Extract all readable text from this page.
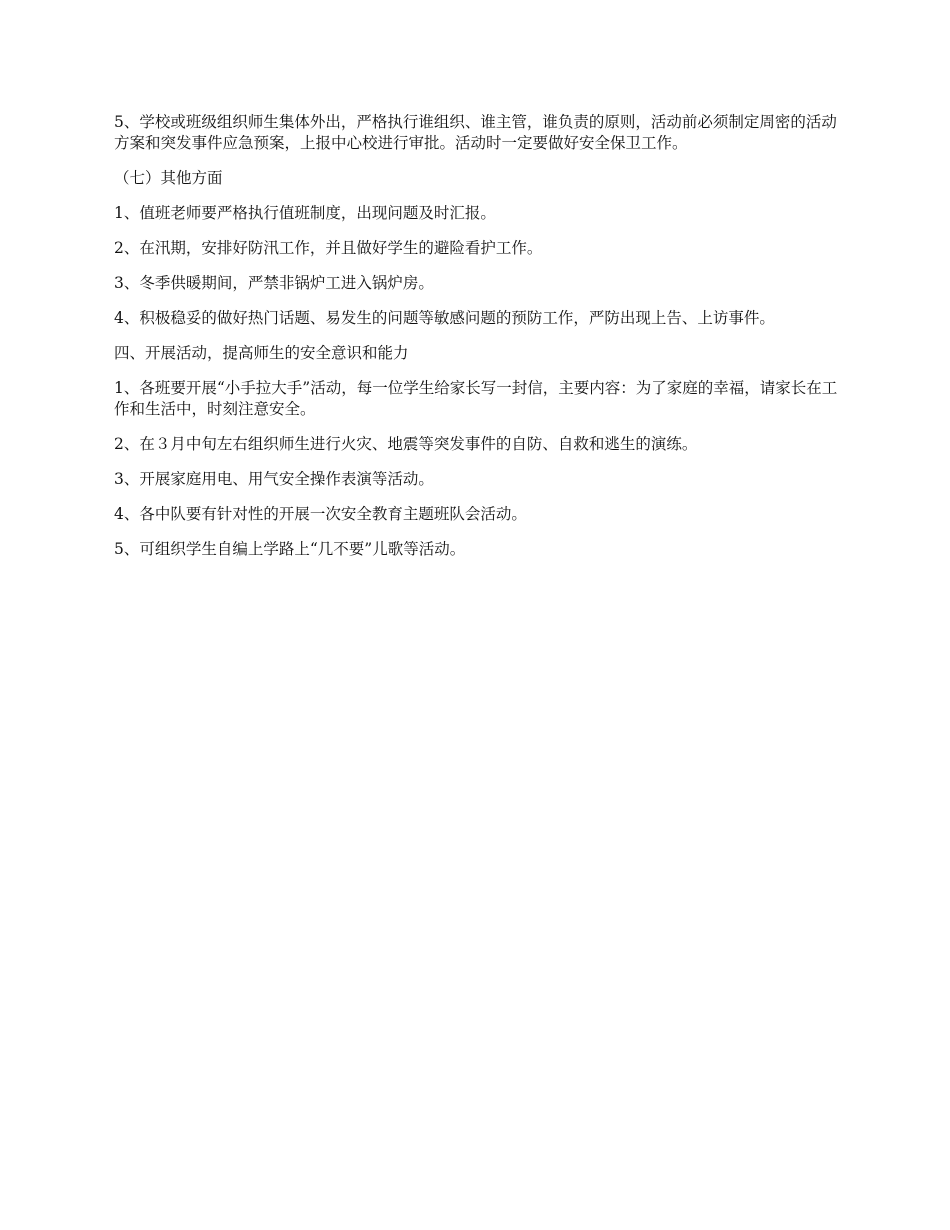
5、学校或班级组织师生集体外出，严格执行谁组织、谁主管，谁负责的原则，活动前必须制定周密的活动方案和突发事件应急预案，上报中心校进行审批。活动时一定要做好安全保卫工作。

（七）其他方面

1、值班老师要严格执行值班制度，出现问题及时汇报。

2、在汛期，安排好防汛工作，并且做好学生的避险看护工作。

3、冬季供暖期间，严禁非锅炉工进入锅炉房。

4、积极稳妥的做好热门话题、易发生的问题等敏感问题的预防工作，严防出现上告、上访事件。

四、开展活动，提高师生的安全意识和能力

1、各班要开展“小手拉大手”活动，每一位学生给家长写一封信，主要内容：为了家庭的幸福，请家长在工作和生活中，时刻注意安全。

2、在３月中旬左右组织师生进行火灾、地震等突发事件的自防、自救和逃生的演练。

3、开展家庭用电、用气安全操作表演等活动。

4、各中队要有针对性的开展一次安全教育主题班队会活动。

5、可组织学生自编上学路上“几不要”儿歌等活动。
